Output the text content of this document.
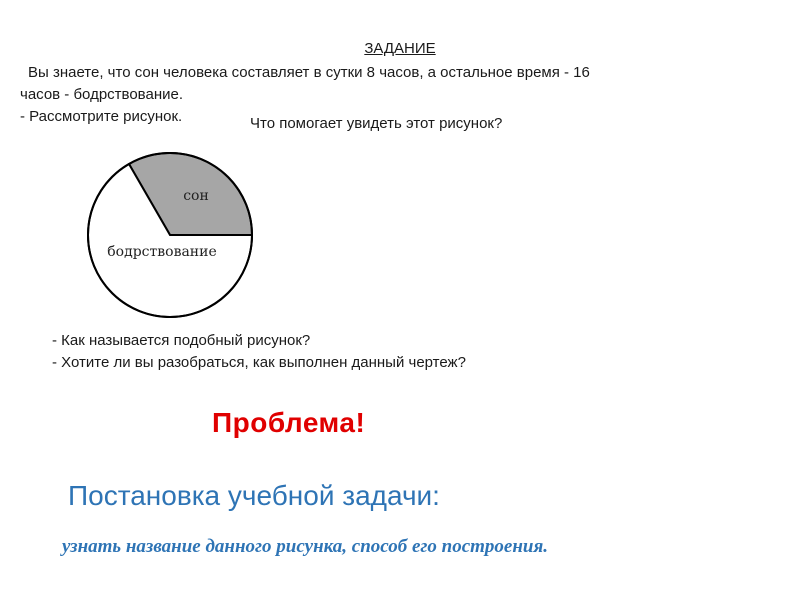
ЗАДАНИЕ

Вы знаете, что сон человека составляет в сутки 8 часов, а остальное время - 16

часов - бодрствование.

- Рассмотрите рисунок.	Что помогает увидеть этот рисунок?
сон
бодрствование

- Как называется подобный рисунок?

- Хотите ли вы разобраться, как выполнен данный чертеж?

Проблема!
Постановка учебной задачи:
узнать название данного рисунка, способ его построения.
